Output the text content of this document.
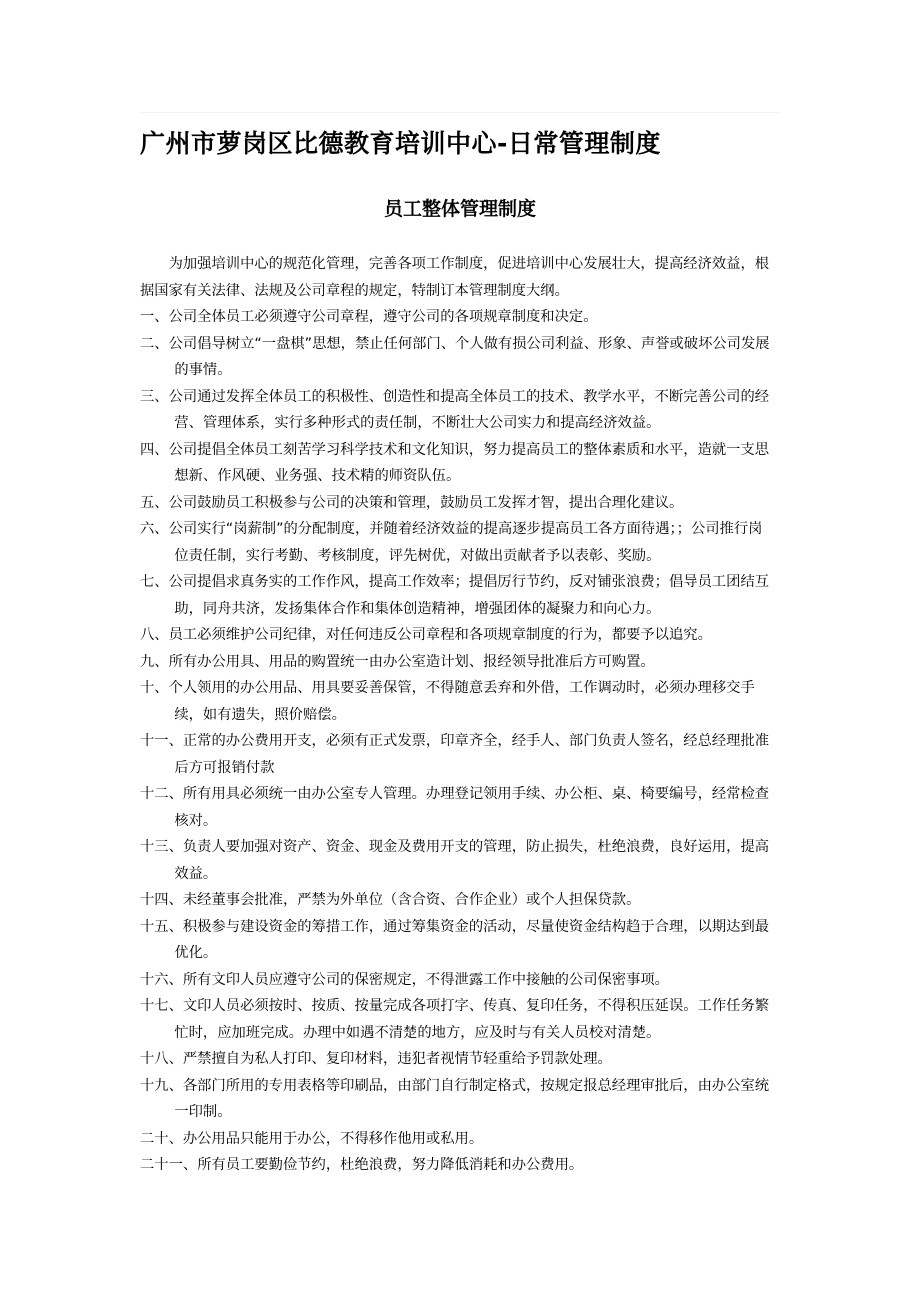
广州市萝岗区比德教育培训中心-日常管理制度
员工整体管理制度

为加强培训中心的规范化管理，完善各项工作制度，促进培训中心发展壮大，提高经济效益，根据国家有关法律、法规及公司章程的规定，特制订本管理制度大纲。

一、公司全体员工必须遵守公司章程，遵守公司的各项规章制度和决定。
二、公司倡导树立“一盘棋”思想，禁止任何部门、个人做有损公司利益、形象、声誉或破坏公司发展的事情。
三、公司通过发挥全体员工的积极性、创造性和提高全体员工的技术、教学水平，不断完善公司的经营、管理体系，实行多种形式的责任制，不断壮大公司实力和提高经济效益。
四、公司提倡全体员工刻苦学习科学技术和文化知识，努力提高员工的整体素质和水平，造就一支思想新、作风硬、业务强、技术精的师资队伍。
五、公司鼓励员工积极参与公司的决策和管理，鼓励员工发挥才智，提出合理化建议。
六、公司实行“岗薪制”的分配制度，并随着经济效益的提高逐步提高员工各方面待遇；；公司推行岗位责任制，实行考勤、考核制度，评先树优，对做出贡献者予以表彰、奖励。
七、公司提倡求真务实的工作作风，提高工作效率；提倡厉行节约，反对铺张浪费；倡导员工团结互助，同舟共济，发扬集体合作和集体创造精神，增强团体的凝聚力和向心力。
八、员工必须维护公司纪律，对任何违反公司章程和各项规章制度的行为，都要予以追究。
九、所有办公用具、用品的购置统一由办公室造计划、报经领导批准后方可购置。
十、个人领用的办公用品、用具要妥善保管，不得随意丢弃和外借，工作调动时，必须办理移交手续，如有遗失，照价赔偿。
十一、正常的办公费用开支，必须有正式发票，印章齐全，经手人、部门负责人签名，经总经理批准后方可报销付款
十二、所有用具必须统一由办公室专人管理。办理登记领用手续、办公柜、桌、椅要编号，经常检查核对。
十三、负责人要加强对资产、资金、现金及费用开支的管理，防止损失，杜绝浪费，良好运用，提高效益。
十四、未经董事会批准，严禁为外单位（含合资、合作企业）或个人担保贷款。
十五、积极参与建设资金的筹措工作，通过筹集资金的活动，尽量使资金结构趋于合理，以期达到最优化。
十六、所有文印人员应遵守公司的保密规定，不得泄露工作中接触的公司保密事项。
十七、文印人员必须按时、按质、按量完成各项打字、传真、复印任务，不得积压延误。工作任务繁忙时，应加班完成。办理中如遇不清楚的地方，应及时与有关人员校对清楚。
十八、严禁擅自为私人打印、复印材料，违犯者视情节轻重给予罚款处理。
十九、各部门所用的专用表格等印刷品，由部门自行制定格式，按规定报总经理审批后，由办公室统一印制。
二十、办公用品只能用于办公，不得移作他用或私用。
二十一、所有员工要勤俭节约，杜绝浪费，努力降低消耗和办公费用。
